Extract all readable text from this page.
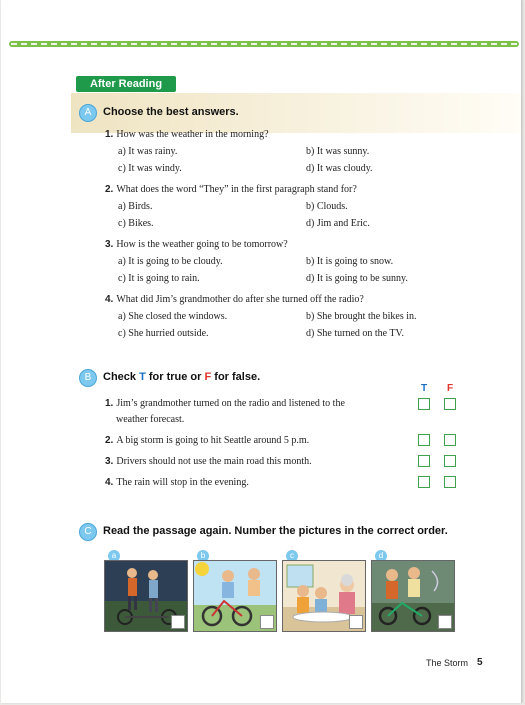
After Reading
A	Choose the best answers.
1. How was the weather in the morning?
a) It was rainy.	b) It was sunny.
c) It was windy.	d) It was cloudy.
2. What does the word “They” in the first paragraph stand for?
a) Birds.	b) Clouds.
c) Bikes.	d) Jim and Eric.
3. How is the weather going to be tomorrow?
a) It is going to be cloudy.	b) It is going to snow.
c) It is going to rain.	d) It is going to be sunny.
4. What did Jim’s grandmother do after she turned off the radio?
a) She closed the windows.	b) She brought the bikes in.
c) She hurried outside.	d) She turned on the TV.
B	Check T for true or F for false.
T F
1. Jim’s grandmother turned on the radio and listened to the
weather forecast.
2. A big storm is going to hit Seattle around 5 p.m.
3. Drivers should not use the main road this month.
4. The rain will stop in the evening.
C	Read the passage again. Number the pictures in the correct order.
a	b	c	d
The Storm 5
